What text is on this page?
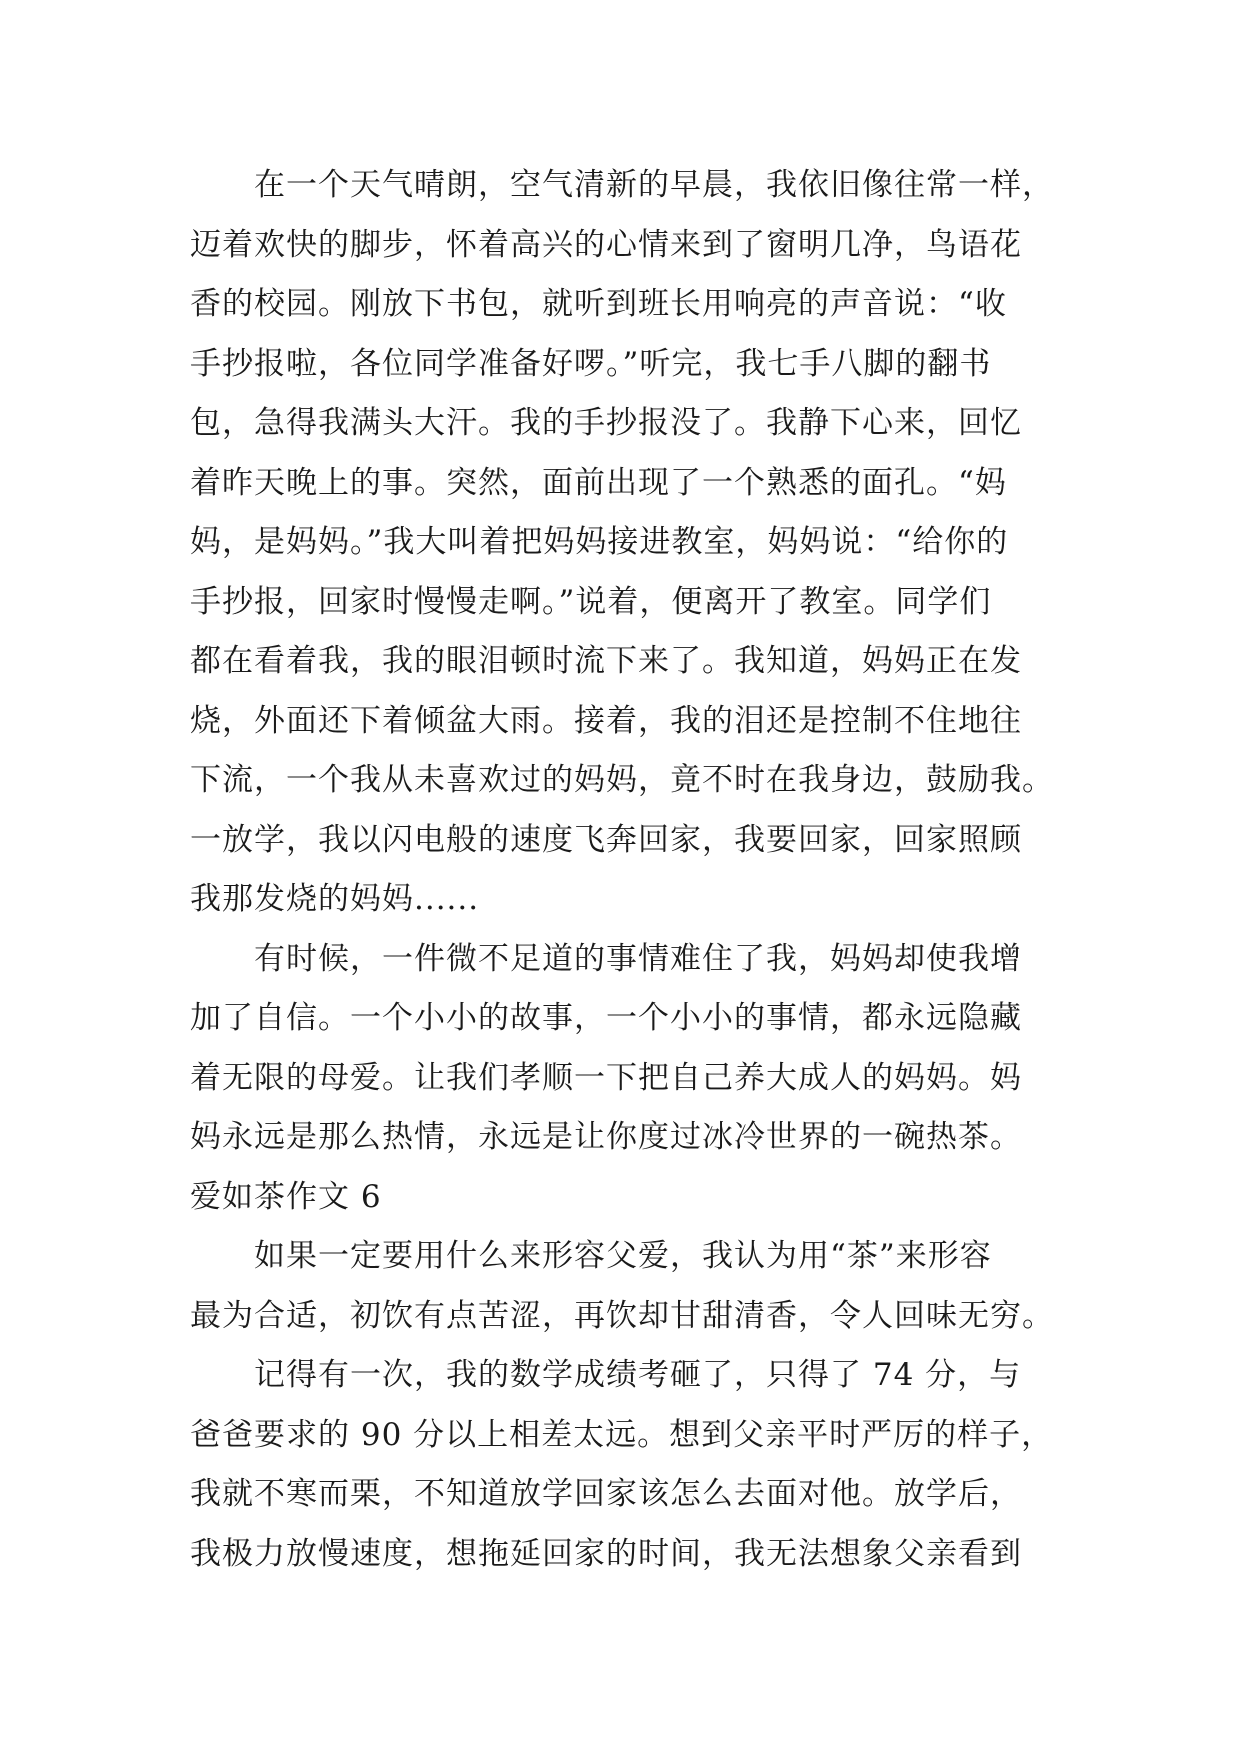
在一个天气晴朗，空气清新的早晨，我依旧像往常一样，
迈着欢快的脚步，怀着高兴的心情来到了窗明几净，鸟语花
香的校园。刚放下书包，就听到班长用响亮的声音说：“收
手抄报啦，各位同学准备好啰。”听完，我七手八脚的翻书
包，急得我满头大汗。我的手抄报没了。我静下心来，回忆
着昨天晚上的事。突然，面前出现了一个熟悉的面孔。“妈
妈，是妈妈。”我大叫着把妈妈接进教室，妈妈说：“给你的
手抄报，回家时慢慢走啊。”说着，便离开了教室。同学们
都在看着我，我的眼泪顿时流下来了。我知道，妈妈正在发
烧，外面还下着倾盆大雨。接着，我的泪还是控制不住地往
下流，一个我从未喜欢过的妈妈，竟不时在我身边，鼓励我。
一放学，我以闪电般的速度飞奔回家，我要回家，回家照顾
我那发烧的妈妈......
有时候，一件微不足道的事情难住了我，妈妈却使我增
加了自信。一个小小的故事，一个小小的事情，都永远隐藏
着无限的母爱。让我们孝顺一下把自己养大成人的妈妈。妈
妈永远是那么热情，永远是让你度过冰冷世界的一碗热茶。
爱如茶作文 6
如果一定要用什么来形容父爱，我认为用“茶”来形容
最为合适，初饮有点苦涩，再饮却甘甜清香，令人回味无穷。
记得有一次，我的数学成绩考砸了，只得了 74 分，与
爸爸要求的 90 分以上相差太远。想到父亲平时严厉的样子，
我就不寒而栗，不知道放学回家该怎么去面对他。放学后，
我极力放慢速度，想拖延回家的时间，我无法想象父亲看到
